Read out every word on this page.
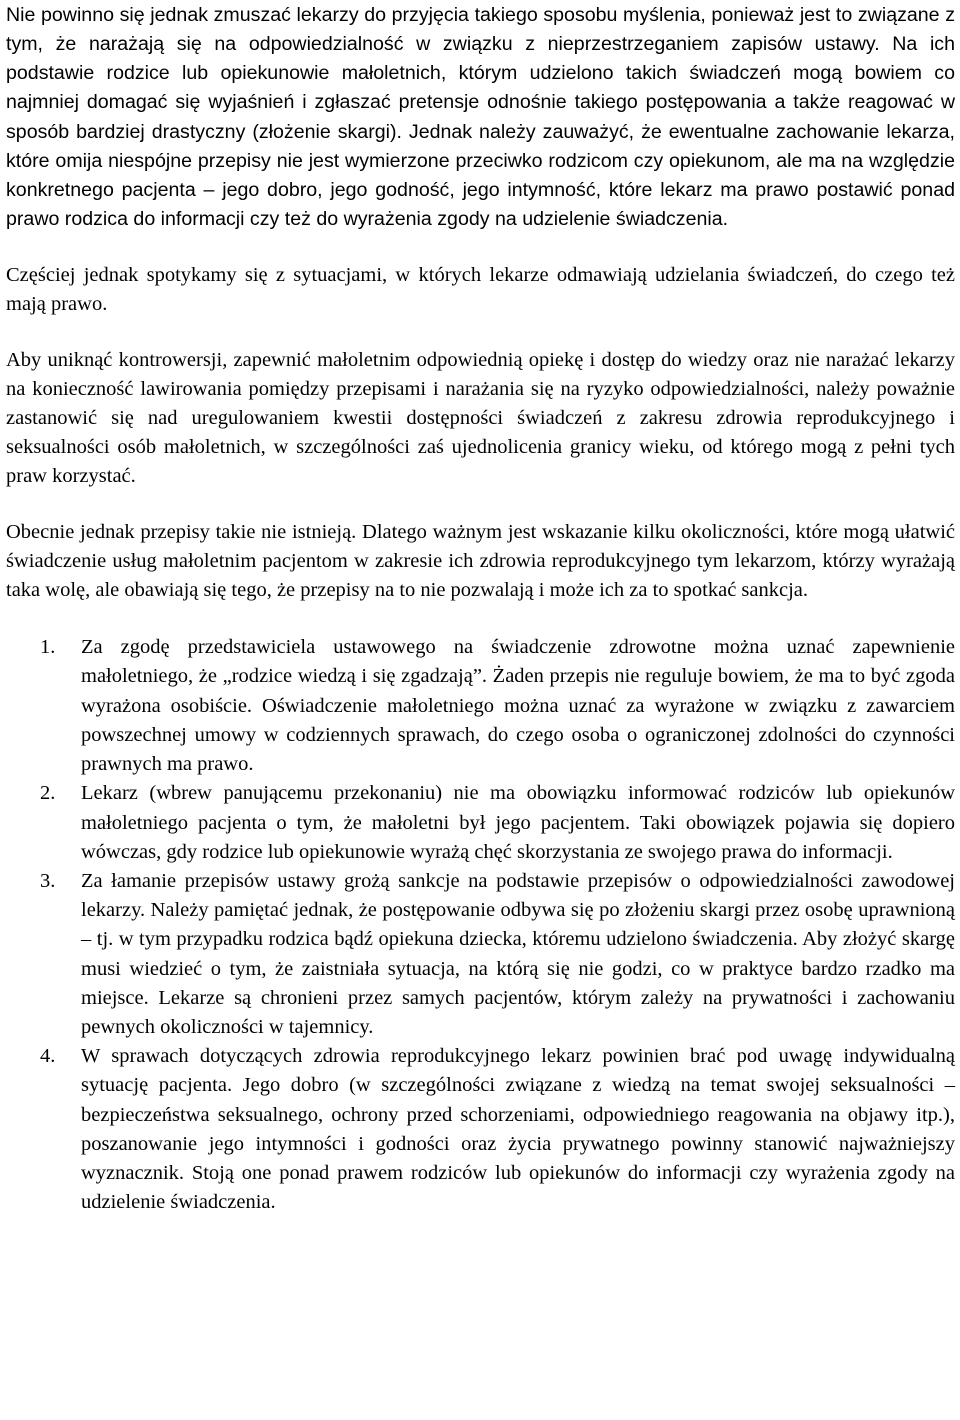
Nie powinno się jednak zmuszać lekarzy do przyjęcia takiego sposobu myślenia, ponieważ jest to związane z tym, że narażają się na odpowiedzialność w związku z nieprzestrzeganiem zapisów ustawy. Na ich podstawie rodzice lub opiekunowie małoletnich, którym udzielono takich świadczeń mogą bowiem co najmniej domagać się wyjaśnień i zgłaszać pretensje odnośnie takiego postępowania a także reagować w sposób bardziej drastyczny (złożenie skargi). Jednak należy zauważyć, że ewentualne zachowanie lekarza, które omija niespójne przepisy nie jest wymierzone przeciwko rodzicom czy opiekunom, ale ma na względzie konkretnego pacjenta – jego dobro, jego godność, jego intymność, które lekarz ma prawo postawić ponad prawo rodzica do informacji czy też do wyrażenia zgody na udzielenie świadczenia.

Częściej jednak spotykamy się z sytuacjami, w których lekarze odmawiają udzielania świadczeń, do czego też mają prawo.

Aby uniknąć kontrowersji, zapewnić małoletnim odpowiednią opiekę i dostęp do wiedzy oraz nie narażać lekarzy na konieczność lawirowania pomiędzy przepisami i narażania się na ryzyko odpowiedzialności, należy poważnie zastanowić się nad uregulowaniem kwestii dostępności świadczeń z zakresu zdrowia reprodukcyjnego i seksualności osób małoletnich, w szczególności zaś ujednolicenia granicy wieku, od którego mogą z pełni tych praw korzystać.

Obecnie jednak przepisy takie nie istnieją. Dlatego ważnym jest wskazanie kilku okoliczności, które mogą ułatwić świadczenie usług małoletnim pacjentom w zakresie ich zdrowia reprodukcyjnego tym lekarzom, którzy wyrażają taka wolę, ale obawiają się tego, że przepisy na to nie pozwalają i może ich za to spotkać sankcja.

1. Za zgodę przedstawiciela ustawowego na świadczenie zdrowotne można uznać zapewnienie małoletniego, że „rodzice wiedzą i się zgadzają”. Żaden przepis nie reguluje bowiem, że ma to być zgoda wyrażona osobiście. Oświadczenie małoletniego można uznać za wyrażone w związku z zawarciem powszechnej umowy w codziennych sprawach, do czego osoba o ograniczonej zdolności do czynności prawnych ma prawo.

2. Lekarz (wbrew panującemu przekonaniu) nie ma obowiązku informować rodziców lub opiekunów małoletniego pacjenta o tym, że małoletni był jego pacjentem. Taki obowiązek pojawia się dopiero wówczas, gdy rodzice lub opiekunowie wyrażą chęć skorzystania ze swojego prawa do informacji.

3. Za łamanie przepisów ustawy grożą sankcje na podstawie przepisów o odpowiedzialności zawodowej lekarzy. Należy pamiętać jednak, że postępowanie odbywa się po złożeniu skargi przez osobę uprawnioną – tj. w tym przypadku rodzica bądź opiekuna dziecka, któremu udzielono świadczenia. Aby złożyć skargę musi wiedzieć o tym, że zaistniała sytuacja, na którą się nie godzi, co w praktyce bardzo rzadko ma miejsce. Lekarze są chronieni przez samych pacjentów, którym zależy na prywatności i zachowaniu pewnych okoliczności w tajemnicy.

4. W sprawach dotyczących zdrowia reprodukcyjnego lekarz powinien brać pod uwagę indywidualną sytuację pacjenta. Jego dobro (w szczególności związane z wiedzą na temat swojej seksualności – bezpieczeństwa seksualnego, ochrony przed schorzeniami, odpowiedniego reagowania na objawy itp.), poszanowanie jego intymności i godności oraz życia prywatnego powinny stanowić najważniejszy wyznacznik. Stoją one ponad prawem rodziców lub opiekunów do informacji czy wyrażenia zgody na udzielenie świadczenia.
